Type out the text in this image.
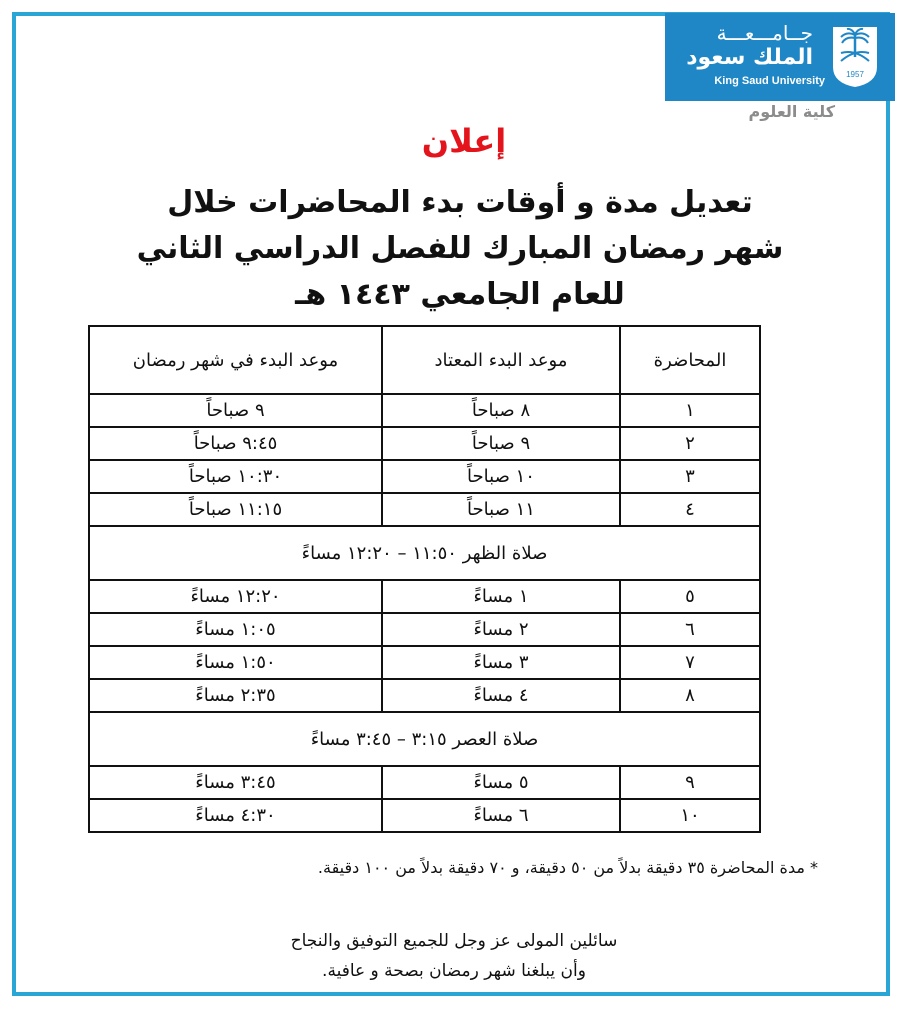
جــامـــعـــة
الملك سعود
King Saud University
1957
كلية العلوم
إعلان
تعديل مدة و أوقات بدء المحاضرات خلال
شهر رمضان المبارك للفصل الدراسي الثاني
للعام الجامعي ١٤٤٣ هـ
المحاضرة	موعد البدء المعتاد	موعد البدء في شهر رمضان
١	٨ صباحاً	٩ صباحاً
٢	٩ صباحاً	٩:٤٥ صباحاً
٣	١٠ صباحاً	١٠:٣٠ صباحاً
٤	١١ صباحاً	١١:١٥ صباحاً
صلاة الظهر ١١:٥٠ – ١٢:٢٠ مساءً		
٥	١ مساءً	١٢:٢٠ مساءً
٦	٢ مساءً	١:٠٥ مساءً
٧	٣ مساءً	١:٥٠ مساءً
٨	٤ مساءً	٢:٣٥ مساءً
صلاة العصر ٣:١٥ – ٣:٤٥ مساءً		
٩	٥ مساءً	٣:٤٥ مساءً
١٠	٦ مساءً	٤:٣٠ مساءً
* مدة المحاضرة ٣٥ دقيقة بدلاً من ٥٠ دقيقة، و ٧٠ دقيقة بدلاً من ١٠٠ دقيقة.
سائلين المولى عز وجل للجميع التوفيق والنجاح
وأن يبلغنا شهر رمضان بصحة و عافية.
